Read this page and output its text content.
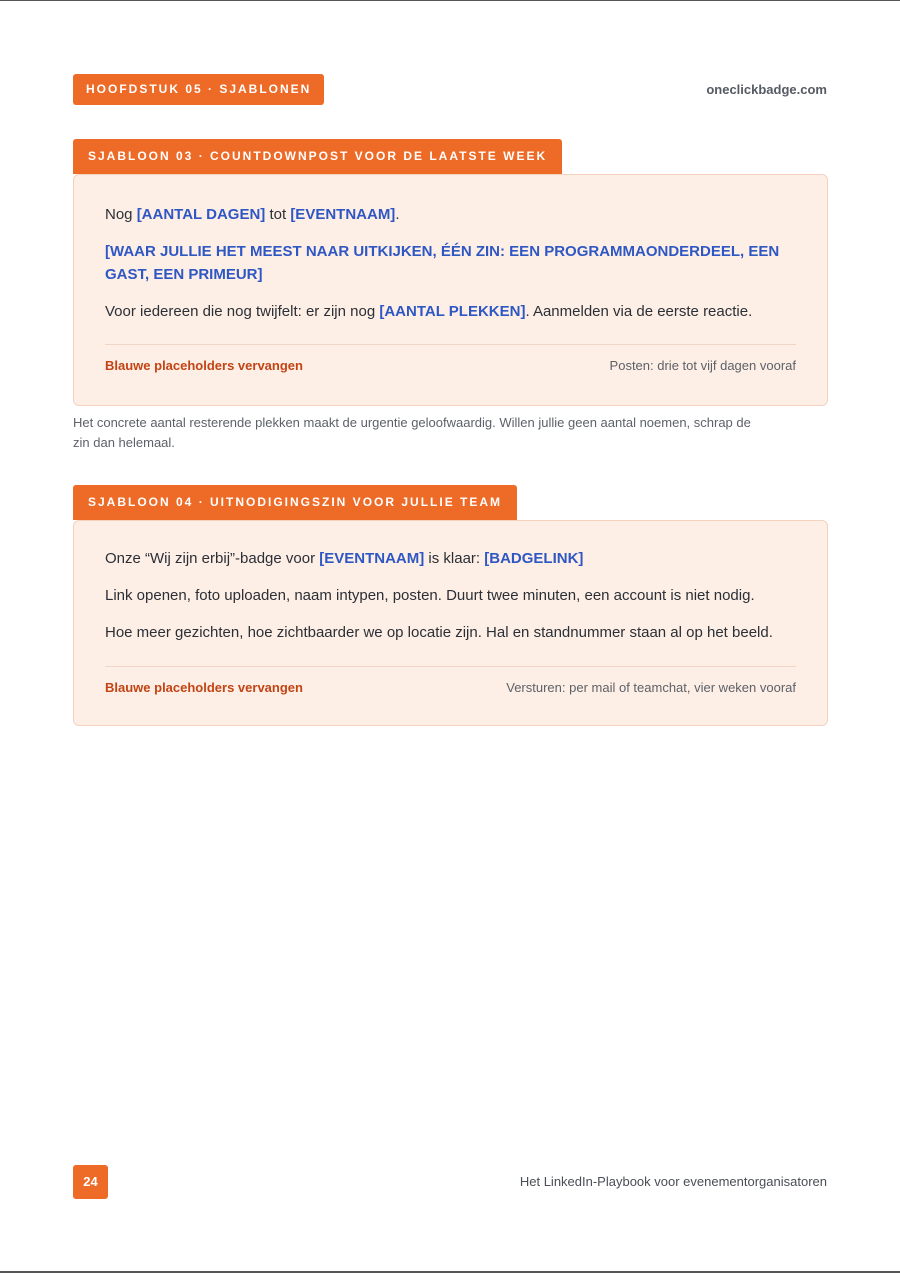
HOOFDSTUK 05 · SJABLONEN	oneclickbadge.com
SJABLOON 03 · COUNTDOWNPOST VOOR DE LAATSTE WEEK

Nog [AANTAL DAGEN] tot [EVENTNAAM].

[WAAR JULLIE HET MEEST NAAR UITKIJKEN, ÉÉN ZIN: EEN PROGRAMMAONDERDEEL, EEN GAST, EEN PRIMEUR]

Voor iedereen die nog twijfelt: er zijn nog [AANTAL PLEKKEN]. Aanmelden via de eerste reactie.

Blauwe placeholders vervangen	Posten: drie tot vijf dagen vooraf
Het concrete aantal resterende plekken maakt de urgentie geloofwaardig. Willen jullie geen aantal noemen, schrap de zin dan helemaal.
SJABLOON 04 · UITNODIGINGSZIN VOOR JULLIE TEAM

Onze “Wij zijn erbij”-badge voor [EVENTNAAM] is klaar: [BADGELINK]

Link openen, foto uploaden, naam intypen, posten. Duurt twee minuten, een account is niet nodig.

Hoe meer gezichten, hoe zichtbaarder we op locatie zijn. Hal en standnummer staan al op het beeld.

Blauwe placeholders vervangen	Versturen: per mail of teamchat, vier weken vooraf
24	Het LinkedIn-Playbook voor evenementorganisatoren
